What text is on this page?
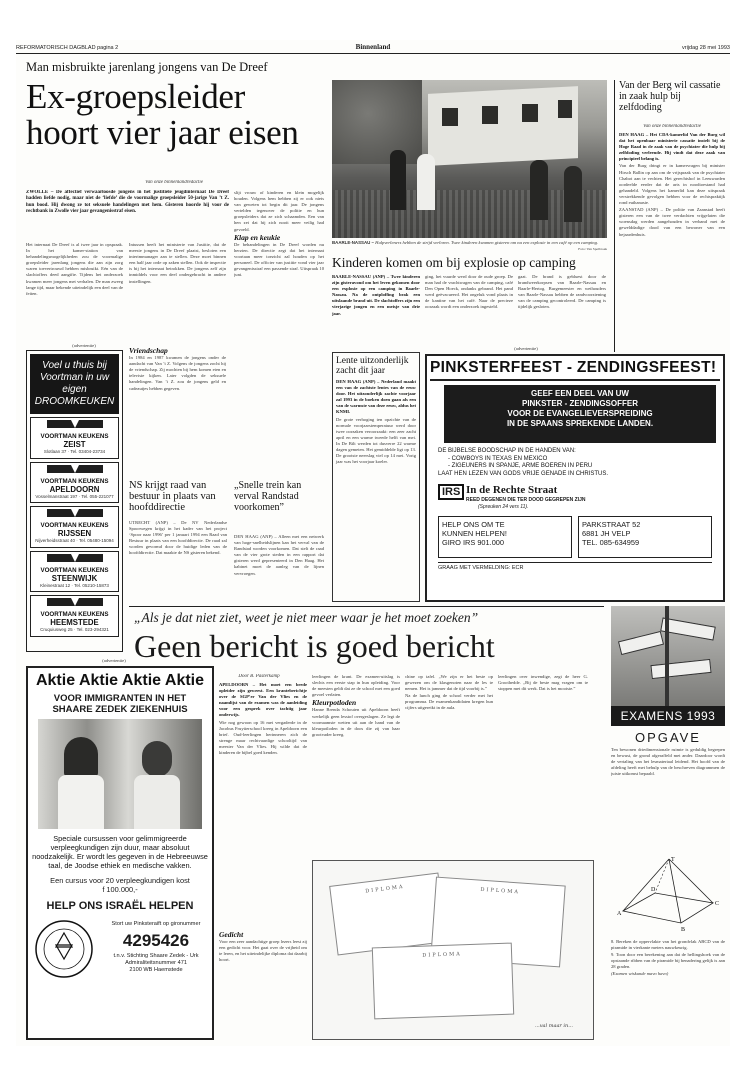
REFORMATORISCH DAGBLAD pagina 2	Binnenland	vrijdag 28 mei 1993
Man misbruikte jarenlang jongens van De Dreef
Ex-groepsleider
hoort vier jaar eisen
Van onze binnenlandredactie
ZWOLLE – De affectief verwaarloosde jongens in het justitiële jeugdinternaat De Dreef hadden liefde nodig, maar niet de ‘liefde’ die de voormalige groepsleider 50-jarige Van ’t Z. hun bood. Hij dwong ze tot seksuele handelingen met hem. Gisteren hoorde hij voor de rechtbank in Zwolle vier jaar gevangenisstraf eisen.

Het internaat De Dreef is al twee jaar in opspraak. In het kamer-station van behandelingsmogelijkheden zou de voormalige groepsleider jarenlang jongens die aan zijn zorg waren toevertrouwd hebben misbruikt. Eén van de slachtoffers deed aangifte. Tijdens het onderzoek kwamen meer jongens met verhalen. De man zweeg lange tijd, maar bekende uiteindelijk een deel van de feiten.

Intussen heeft het ministerie van Justitie, dat de meeste jongens in De Dreef plaatst, besloten een interimmanager aan te stellen. Deze moet binnen een half jaar orde op zaken stellen. Ook de inspectie is bij het internaat betrokken. De jongens zelf zijn inmiddels voor een deel ondergebracht in andere instellingen.

Vriendschap

In 1984 en 1987 kwamen de jongens onder de aandacht van Van ’t Z. Volgens de jongens zocht hij de vriendschap. Zij mochten bij hem komen eten en televisie kijken. Later volgden de seksuele handelingen. Van ’t Z. zou de jongens geld en cadeautjes hebben gegeven.

slijt vrouw of kinderen en klein mogelijk houden. Volgens hem hebben zij er ook niets van geweten tot begin dit jaar. De jongens vertelden tegenover de politie en hun groepsleiders dat ze zich schaamden. Een van hen zei dat hij zich nooit meer veilig had gevoeld.

Klap en keukie

De behandelingen in De Dreef worden nu herzien. De directie zegt dat het internaat voortaan meer toezicht zal houden op het personeel. De officier van justitie vond vier jaar gevangenisstraf een passende straf. Uitspraak 10 juni.

(advertentie)
Voel u thuis bij Voortman in uw eigen DROOMKEUKEN
VOORTMAN KEUKENS
ZEIST
Slotlaan 37 · Tel. 03404-23734
VOORTMAN KEUKENS
APELDOORN
Vosselmanstraat 197 · Tel. 055-221077
VOORTMAN KEUKENS
RIJSSEN
Nijverheidsstraat 40 · Tel. 05480-15094
VOORTMAN KEUKENS
STEENWIJK
Kleinestraat 12 · Tel. 05210-15873
VOORTMAN KEUKENS
HEEMSTEDE
Cruquiusweg 25 · Tel. 023-294321
NS krijgt raad van bestuur in plaats van hoofddirectie

UTRECHT (ANP) – De NV Nederlandse Spoorwegen krijgt in het kader van het project ‘Spoor naar 1996’ per 1 januari 1994 een Raad van Bestuur in plaats van een hoofddirectie. De raad zal worden gevormd door de huidige leden van de hoofddirectie. Dat maakte de NS gisteren bekend.

„Snelle trein kan verval Randstad voorkomen”

DEN HAAG (ANP) – Alleen met een netwerk van hoge-snelheidslijnen kan het verval van de Randstad worden voorkomen. Dat stelt de raad van de vier grote steden in een rapport dat gisteren werd gepresenteerd in Den Haag. Het kabinet moet de aanleg van de lijnen vervroegen.

BAARLE-NASSAU – Hulpverleners hebben de strijd verloren. Twee kinderen kwamen gisteren om na een explosie in een café op een camping.
Foto: Van Spelbroek
Kinderen komen om bij explosie op camping

BAARLE-NASSAU (ANP) – Twee kinderen zijn gisteravond om het leven gekomen door een explosie op een camping in Baarle-Nassau. Na de ontploffing brak een uitslaande brand uit. De slachtoffers zijn een vierjarige jongen en een meisje van drie jaar.

ging, het vuurde werd door de oude groep. De man had de vrachtwagen van de camping, café Den Open Hoeck, ondanks gebrand. Het pand werd geëvacueerd. Het ongeluk vond plaats in de kantine van het café. Naar de precieze oorzaak wordt een onderzoek ingesteld.

gaat. De brand is gebluest door de brandweerkorpsen van Baarle-Nassau en Baarle-Hertog. Burgemeester en wethouders van Baarle-Nassau hebben de randvoorziening van de camping gecontroleerd. De camping is tijdelijk gesloten.

Van der Berg wil cassatie in zaak hulp bij zelfdoding
Van onze binnenlandredactie

DEN HAAG – Het CDA-kamerlid Van der Burg wil dat het openbaar ministerie cassatie instelt bij de Hoge Raad in de zaak van de psychiater die hulp bij zelfdoding verleende. Hij vindt dat deze zaak van principieel belang is.

Van der Burg dringt er in kamervragen bij minister Hirsch Ballin op aan om de vrijspraak van de psychiater Chabot aan te vechten. Het gerechtshof in Leeuwarden oordeelde eerder dat de arts in noodtoestand had gehandeld. Volgens het kamerlid kan deze uitspraak verstrekkende gevolgen hebben voor de rechtspraktijk rond euthanasie.

ZAANSTAD (ANP) – De politie van Zaanstad heeft gisteren een van de twee verdachten vrijgelaten die woensdag werden aangehouden in verband met de gewelddadige dood van een bewoner van een bejaardenhuis.

Lente uitzonderlijk zacht dit jaar

DEN HAAG (ANP) – Nederland maakt een van de zachtste lentes van de eeuw door. Het uitzonderlijk zachte voorjaar zal 1993 in de boeken doen gaan als een van de warmste van deze eeuw, aldus het KNMI.

De grote verhoging ten opzichte van de normale voorjaarstemperatuur werd door twee oorzaken veroorzaakt: een zeer zacht april en een warme tweede helft van mei. In De Bilt werden tot dusverre 22 warme dagen gemeten. Het gemiddelde ligt op 13. De grootste neerslag viel op 14 mei. Vorig jaar was het voorjaar koeler.

(advertentie)
PINKSTERFEEST - ZENDINGSFEEST!
GEEF EEN DEEL VAN UW
PINKSTER - ZENDINGSOFFER
VOOR DE EVANGELIEVERSPREIDING
IN DE SPAANS SPREKENDE LANDEN.
DE BIJBELSE BOODSCHAP IN DE HANDEN VAN:
- COWBOYS IN TEXAS EN MEXICO
- ZIGEUNERS IN SPANJE, ARME BOEREN IN PERU
LAAT HEN LEZEN VAN GODS VRIJE GENADE IN CHRISTUS.
IRS In de Rechte Straat
REED DEGENEN DIE TER DOOD GEGREPEN ZIJN
(Spreuken 24 vers 11).
HELP ONS OM TE
KUNNEN HELPEN!
GIRO IRS 901.000
PARKSTRAAT 52
6881 JH VELP
TEL. 085-634959
GRAAG MET VERMELDING: ECR
„Als je dat niet ziet, weet je niet meer waar je het moet zoeken”
Geen bericht is goed bericht
Door B. Pasterkamp

APELDOORN – Het moet een brede opleider zijn geweest. Een kranteberichtje over de SGP’er Van der Vlies en de naamlijst van de examen was de aanleiding voor een gesprek over tachtig jaar onderwijs.

Wie nog gewoon op 16 mei vergaderde in de Jacobus Fruytierschool kreeg in Apeldoorn een brief. Oud-leerlingen herinneren zich de strenge maar rechtvaardige schooltijd van meester Van der Vlies. Hij wilde dat de kinderen de bijbel goed kenden.

leerlingen de krant. De examen-uitslag is slechts een eerste stap in hun opleiding. Voor de meesten geldt dat ze de school met een goed gevoel verlaten.

Kleurpotloden

Hanne Brenda Schouten uit Apeldoorn heeft werkelijk geen lesstof overgeslagen. Ze legt de voornaamste wetten uit aan de hand van de kleurpotloden in de doos die zij van haar grootvader kreeg.

chine op tafel. „We zijn er het beste op gewezen om de klasgenoten naar de les te nemen. Het is jammer dat de tijd voorbij is.”

Na de lunch ging de school verder met het programma. De examenkandidaten kregen hun cijfers uitgereikt in de aula.

leerlingen over inwendige, zegt de heer G. Groothedde. „Bij de beste mag vragen om te stoppen met dit werk. Dat is het mooiste.”

Gedicht

Voor een zeer aandachtige groep lezers leest zij een gedicht voor. Het gaat over de vrijheid om te leren, en het uiteindelijke diploma dat daarbij hoort.

DIPLOMA	DIPLOMA
DIPLOMA
...val maar in...
EXAMENS 1993
OPGAVE

Ten bewonen driedimensionale ruimte is geduldig begrepen en bewust, de grond afgeraffeld met ander. Daardoor wordt de vertaling van het lesmateriaal leidend. Het hoofd van de afdeling heeft met behulp van de beschreven diagrammen de juiste uitkomst bepaald.

A
B
C
D
T

8. Bereken de oppervlakte van het grondvlak ABCD van de piramide in vierkante meters nauwkeurig.

9. Toon door een berekening aan dat de hellingshoek van de opstaande ribben van de piramide bij benadering gelijk is aan 28 graden.

(Examen wiskunde mavo havo)

(advertentie)
Aktie Aktie Aktie Aktie
VOOR IMMIGRANTEN IN HET
SHAARE ZEDEK ZIEKENHUIS
Speciale cursussen voor gelimmigreerde verpleegkundigen zijn duur, maar absoluut noodzakelijk. Er wordt les gegeven in de Hebreeuwse taal, de Joodse ethiek en medische vakken.
Een cursus voor 20 verpleegkundigen kost
f 100.000,-
HELP ONS ISRAËL HELPEN
Stort uw Pinksteraift op gironummer
4295426
t.n.v. Stichting Shaare Zedek - Urk
Admiraliteitsnummer 471
2100 WB Haemstede
